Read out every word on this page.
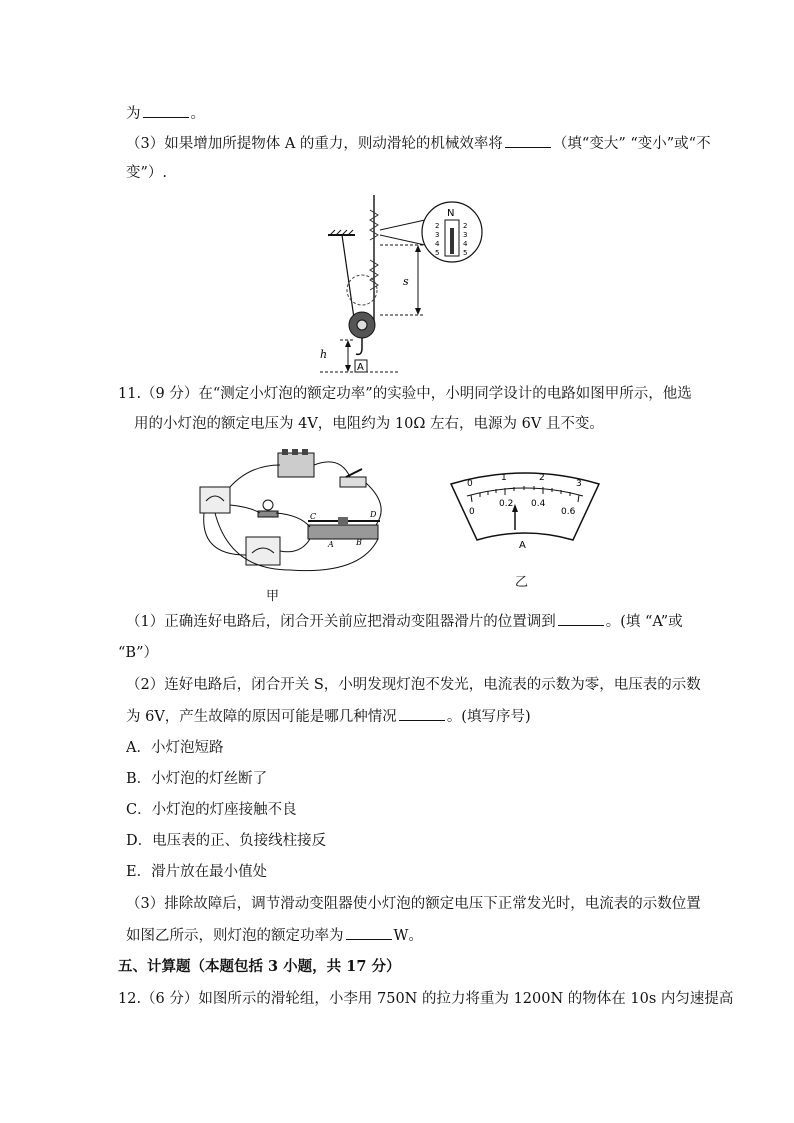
为	。
（3）如果增加所提物体 A 的重力，则动滑轮的机械效率将	（填“变大” “变小”或“不
变”）.
A
h
s
N
2
3
4
5
2
3
4
5
11.（9 分）在“测定小灯泡的额定功率”的实验中，小明同学设计的电路如图甲所示，他选
用的小灯泡的额定电压为 4V，电阻约为 10Ω 左右，电源为 6V 且不变。
C	D
A	B
甲
0
1	2
3
0
0.2 0.4
0.6
A
乙
（1）正确连好电路后，闭合开关前应把滑动变阻器滑片的位置调到	。(填 “A”或
“B”）
（2）连好电路后，闭合开关 S，小明发现灯泡不发光，电流表的示数为零，电压表的示数
为 6V，产生故障的原因可能是哪几种情况	。(填写序号)
A．小灯泡短路
B．小灯泡的灯丝断了
C．小灯泡的灯座接触不良
D．电压表的正、负接线柱接反
E．滑片放在最小值处
（3）排除故障后，调节滑动变阻器使小灯泡的额定电压下正常发光时，电流表的示数位置
如图乙所示，则灯泡的额定功率为	W。
五、计算题（本题包括 3 小题，共 17 分）
12.（6 分）如图所示的滑轮组，小李用 750N 的拉力将重为 1200N 的物体在 10s 内匀速提高
